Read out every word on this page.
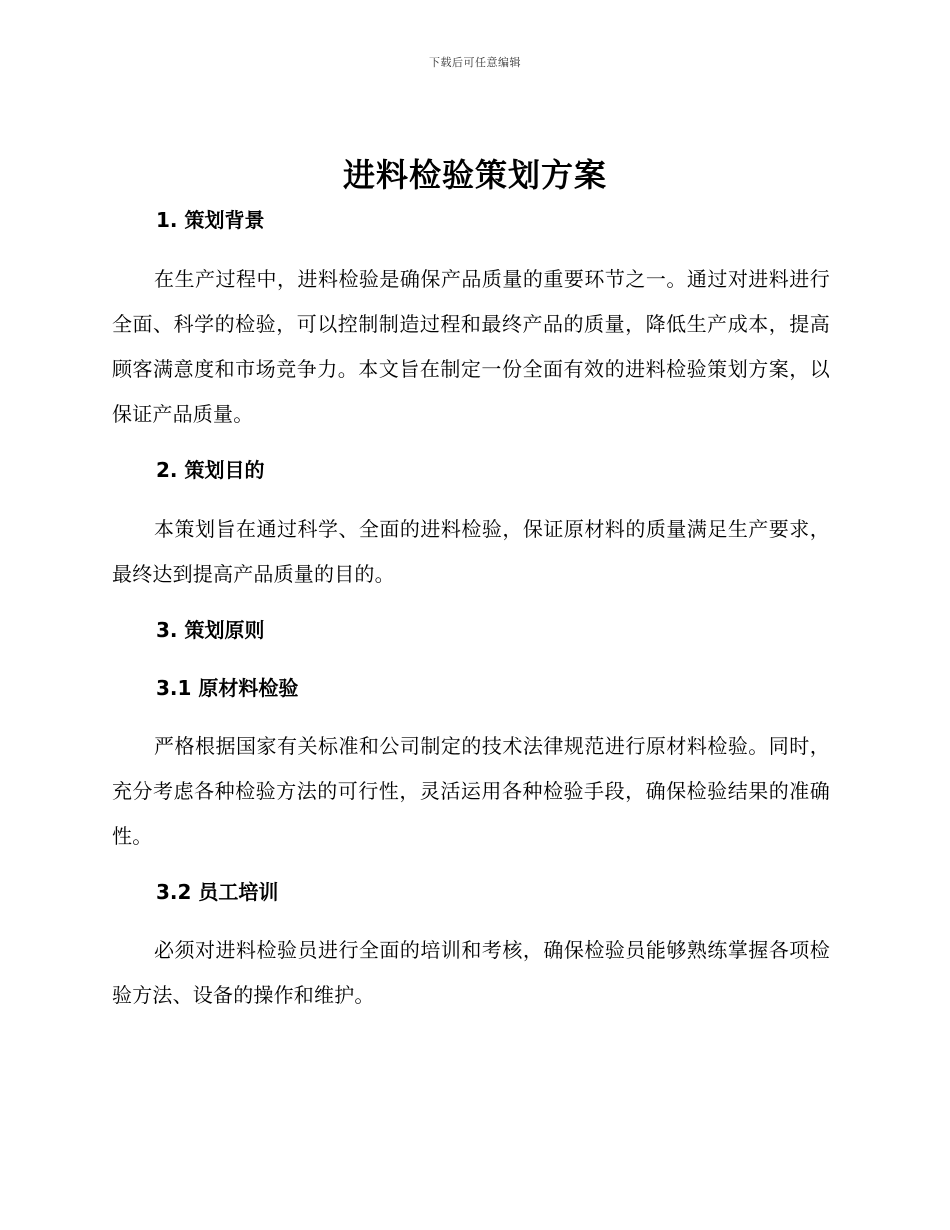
下载后可任意编辑
进料检验策划方案
1. 策划背景

在生产过程中，进料检验是确保产品质量的重要环节之一。通过对进料进行全面、科学的检验，可以控制制造过程和最终产品的质量，降低生产成本，提高顾客满意度和市场竞争力。本文旨在制定一份全面有效的进料检验策划方案，以保证产品质量。

2. 策划目的

本策划旨在通过科学、全面的进料检验，保证原材料的质量满足生产要求，最终达到提高产品质量的目的。

3. 策划原则
3.1 原材料检验

严格根据国家有关标准和公司制定的技术法律规范进行原材料检验。同时，充分考虑各种检验方法的可行性，灵活运用各种检验手段，确保检验结果的准确性。

3.2 员工培训

必须对进料检验员进行全面的培训和考核，确保检验员能够熟练掌握各项检验方法、设备的操作和维护。
